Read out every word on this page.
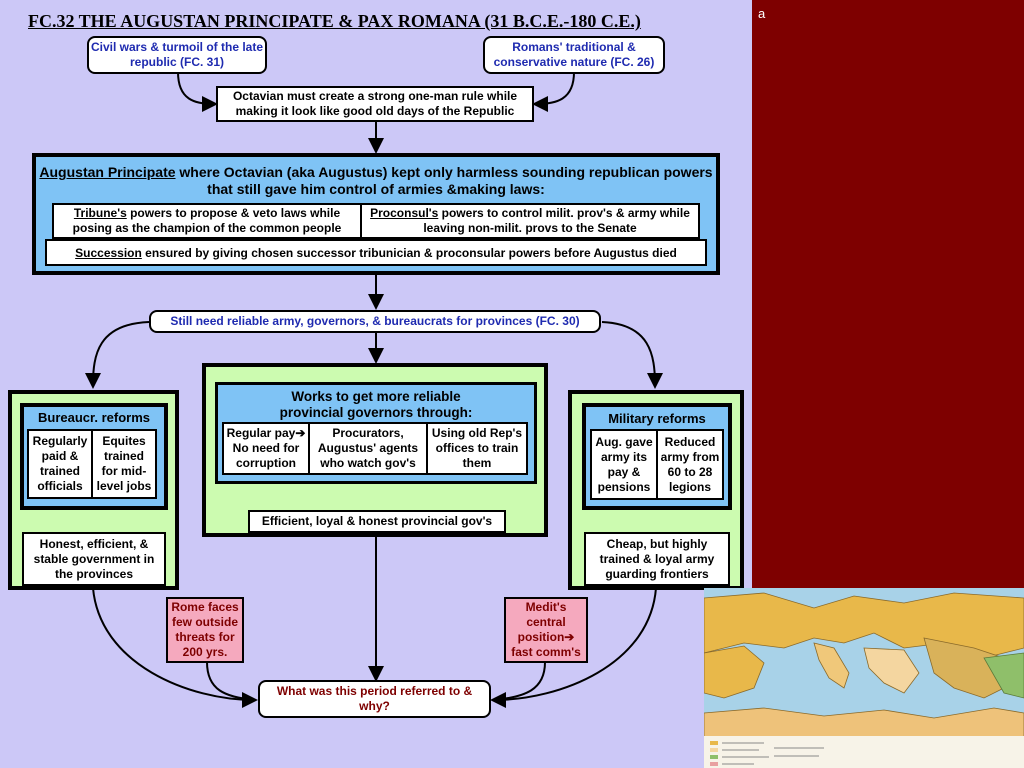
a
FC.32 THE AUGUSTAN PRINCIPATE & PAX ROMANA (31 B.C.E.-180 C.E.)
Civil wars & turmoil of the late republic (FC. 31)
Romans' traditional & conservative nature (FC. 26)
Octavian must create a strong one-man rule while making it look like good old days of the Republic
Augustan Principate where Octavian (aka Augustus) kept only harmless sounding republican powers that still gave him control of armies &making laws:
Tribune's powers to propose & veto laws while posing as the champion of the common people
Proconsul's powers to control milit. prov's & army while leaving non-milit. provs to the Senate
Succession ensured by giving chosen successor tribunician & proconsular powers before Augustus died
Still need reliable army, governors, & bureaucrats for provinces (FC. 30)
Bureaucr. reforms
Regularly paid & trained officials
Equites trained for mid-level jobs
Honest, efficient, & stable government in the provinces
Works to get more reliable provincial governors through:
Regular pay➔ No need for corruption
Procurators, Augustus' agents who watch gov's
Using old Rep's offices to train them
Efficient, loyal & honest provincial gov's
Military reforms
Aug. gave army its pay & pensions
Reduced army from 60 to 28 legions
Cheap, but highly trained & loyal army guarding frontiers
Rome faces few outside threats for 200 yrs.
Medit's central position➔ fast comm's
What was this period referred to & why?
